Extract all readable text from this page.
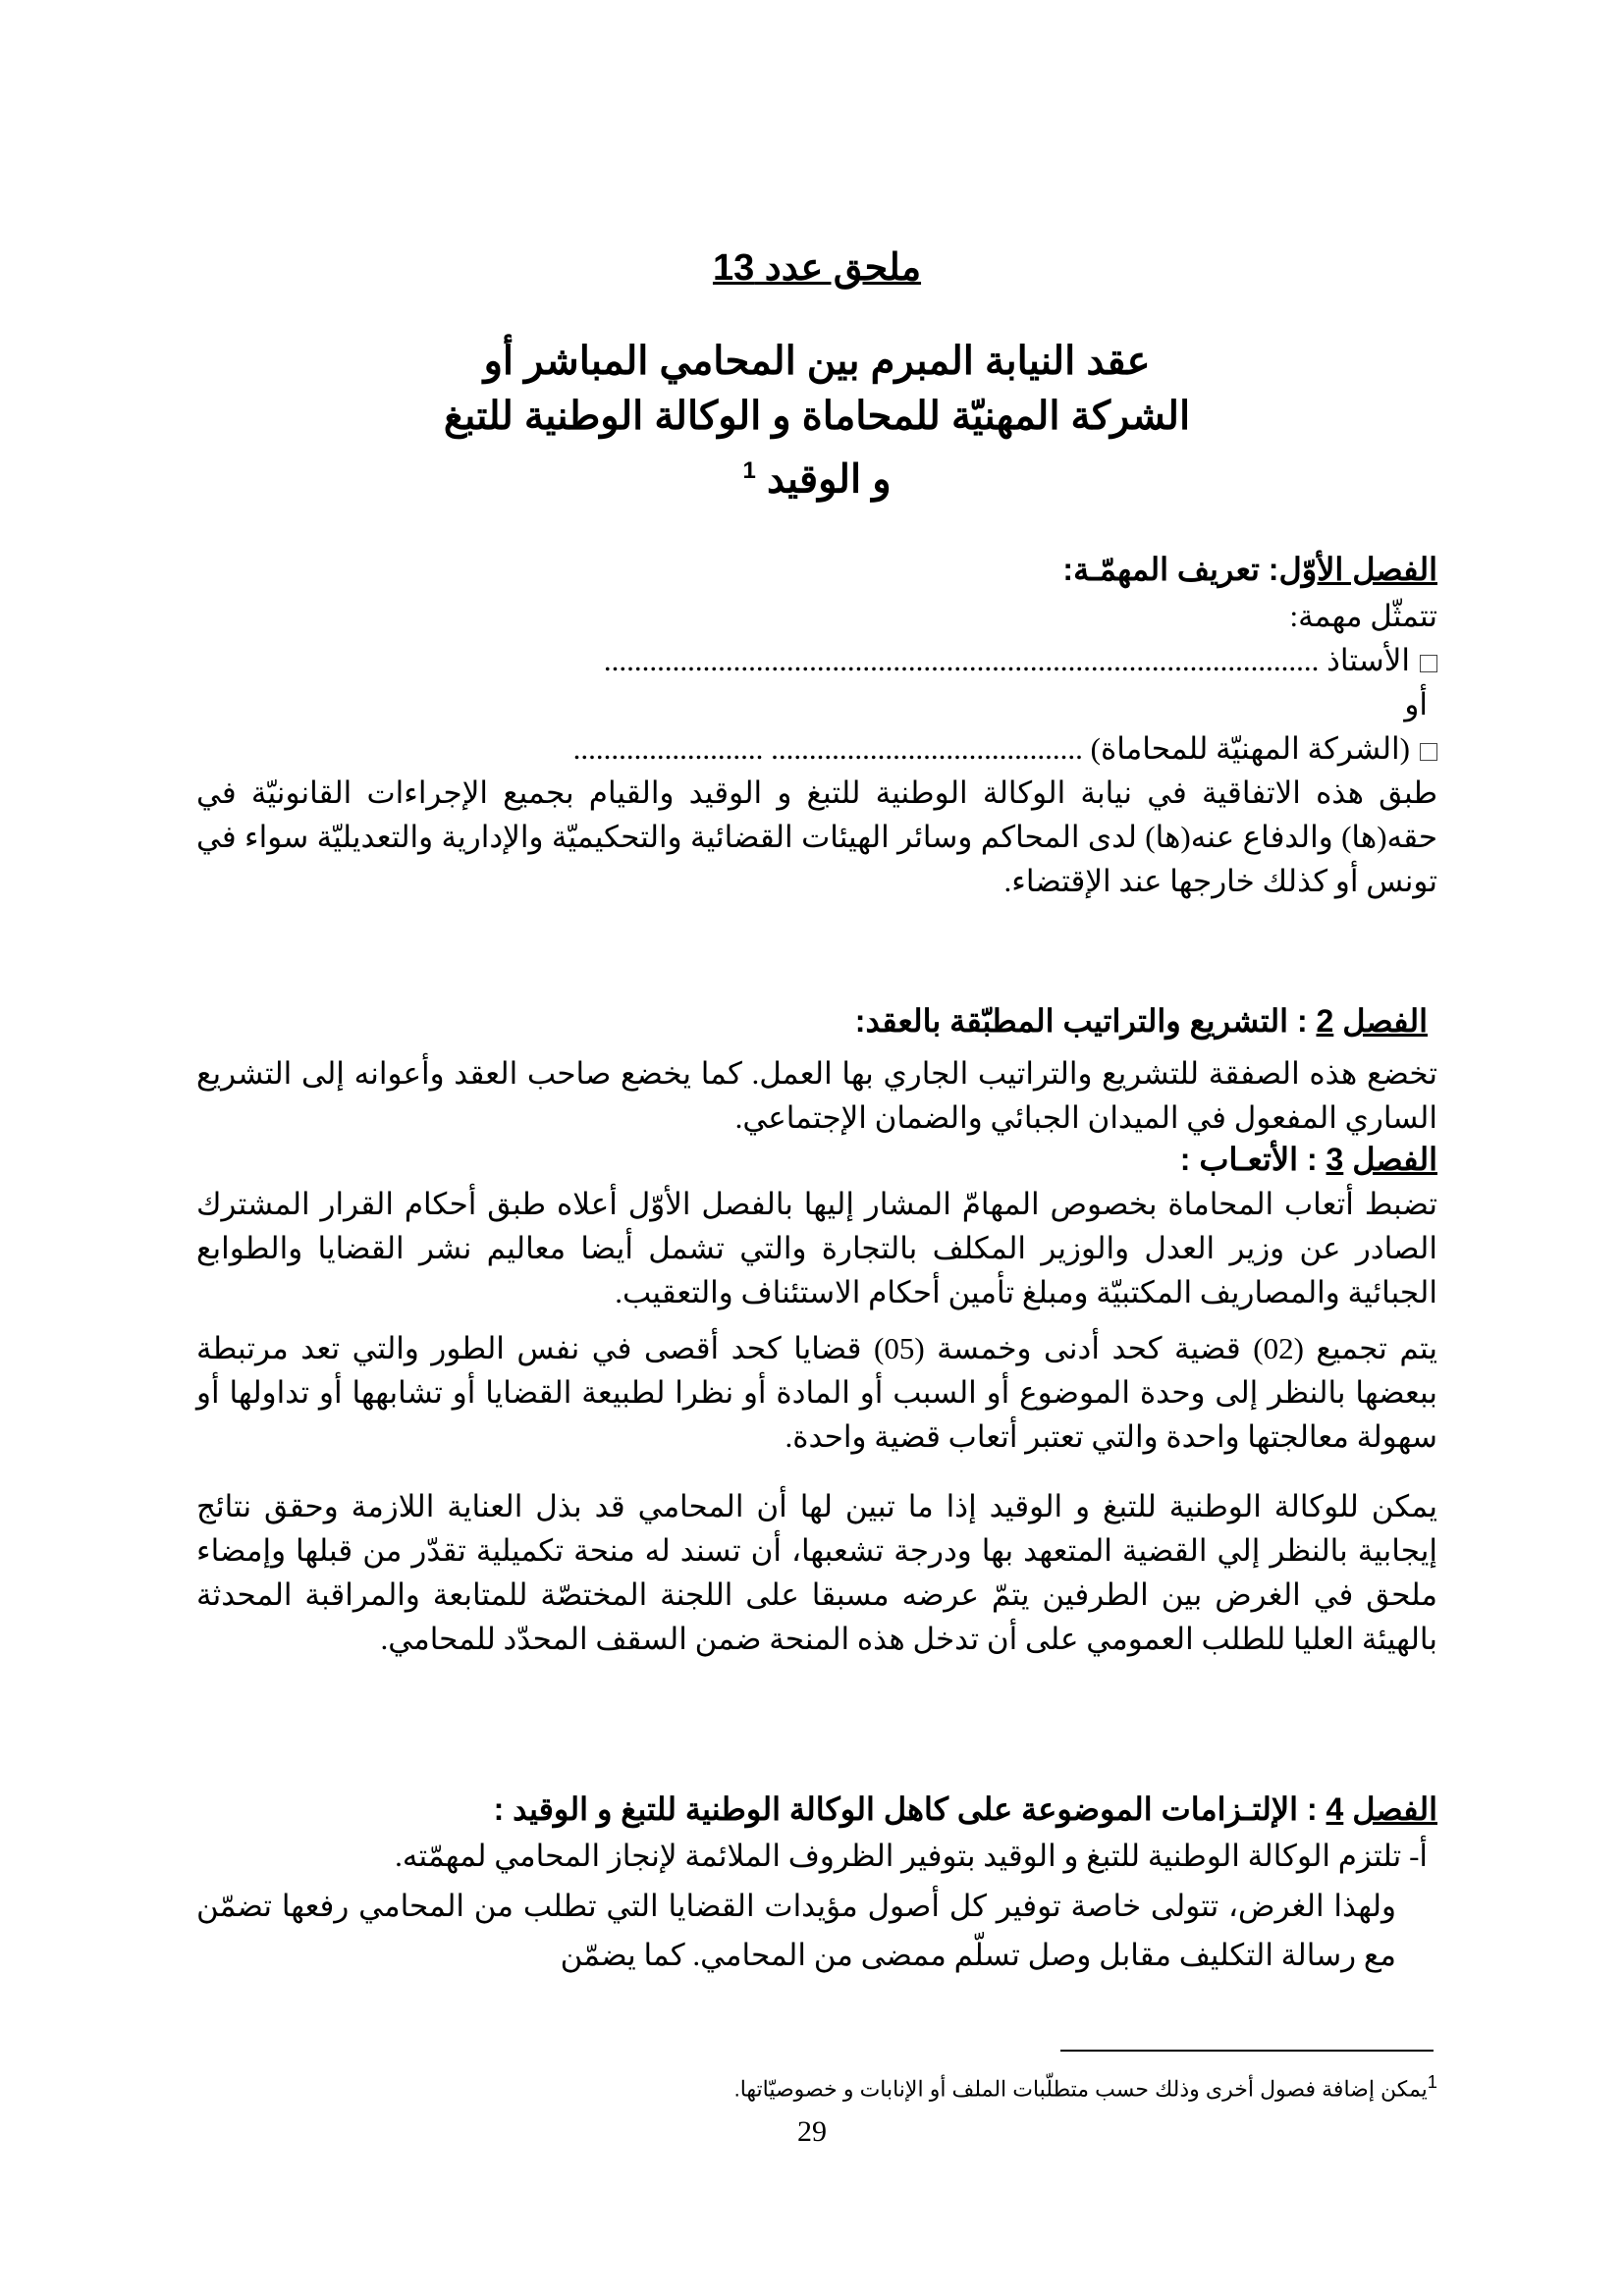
ملحق عدد 13
عقد النيابة المبرم بين المحامي المباشر أو
الشركة المهنيّة للمحاماة و الوكالة الوطنية للتبغ
و الوقيد $^1$
الفصل الأوّل: تعريف المهمّـة:
تتمثّل مهمة:
الأستاذ ..............................................................................................
أو
(الشركة المهنيّة للمحاماة) ......................................... .........................
طبق هذه الاتفاقية في نيابة الوكالة الوطنية للتبغ و الوقيد والقيام بجميع الإجراءات القانونيّة في حقه(ها) والدفاع عنه(ها) لدى المحاكم وسائر الهيئات القضائية والتحكيميّة والإدارية والتعديليّة سواء في تونس أو كذلك خارجها عند الإقتضاء.
الفصل 2 : التشريع والتراتيب المطبّقة بالعقد:
تخضع هذه الصفقة للتشريع والتراتيب الجاري بها العمل. كما يخضع صاحب العقد وأعوانه إلى التشريع الساري المفعول في الميدان الجبائي والضمان الإجتماعي.
الفصل 3 : الأتعـاب :
تضبط أتعاب المحاماة بخصوص المهامّ المشار إليها بالفصل الأوّل أعلاه طبق أحكام القرار المشترك الصادر عن وزير العدل والوزير المكلف بالتجارة والتي تشمل أيضا معاليم نشر القضايا والطوابع الجبائية والمصاريف المكتبيّة ومبلغ تأمين أحكام الاستئناف والتعقيب.
يتم تجميع (02) قضية كحد أدنى وخمسة (05) قضايا كحد أقصى في نفس الطور والتي تعد مرتبطة ببعضها بالنظر إلى وحدة الموضوع أو السبب أو المادة أو نظرا لطبيعة القضايا أو تشابهها أو تداولها أو سهولة معالجتها واحدة والتي تعتبر أتعاب قضية واحدة.
يمكن للوكالة الوطنية للتبغ و الوقيد إذا ما تبين لها أن المحامي قد بذل العناية اللازمة وحقق نتائج إيجابية بالنظر إلي القضية المتعهد بها ودرجة تشعبها، أن تسند له منحة تكميلية تقدّر من قبلها وإمضاء ملحق في الغرض بين الطرفين يتمّ عرضه مسبقا على اللجنة المختصّة للمتابعة والمراقبة المحدثة بالهيئة العليا للطلب العمومي على أن تدخل هذه المنحة ضمن السقف المحدّد للمحامي.
الفصل 4 : الإلتـزامات الموضوعة على كاهل الوكالة الوطنية للتبغ و الوقيد :
أ- تلتزم الوكالة الوطنية للتبغ و الوقيد بتوفير الظروف الملائمة لإنجاز المحامي لمهمّته.
ولهذا الغرض، تتولى خاصة توفير كل أصول مؤيدات القضايا التي تطلب من المحامي رفعها تضمّن مع رسالة التكليف مقابل وصل تسلّم ممضى من المحامي. كما يضمّن
$^1$يمكن إضافة فصول أخرى وذلك حسب متطلّبات الملف أو الإنابات و خصوصيّاتها.
29
